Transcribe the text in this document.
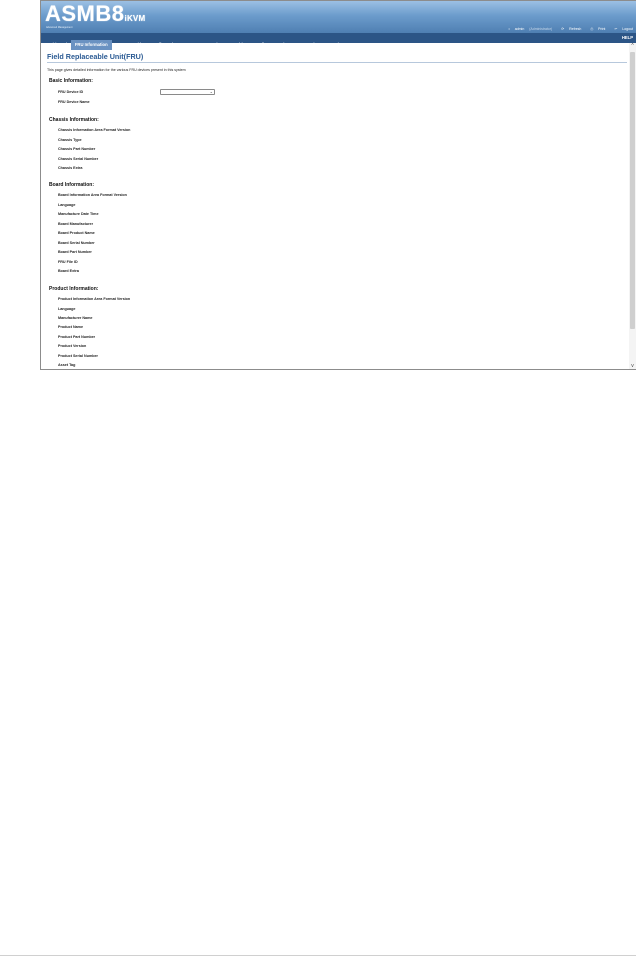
ASMB8iKVM
Advanced Management	• admin (Administrator)	⟳ Refresh	⎙ Print	↩ Logout
Dashboard FRU Information Server Health Configuration Remote Control Auto Video Recording Maintenance Firmware Update
HELP
Field Replaceable Unit(FRU)
This page gives detailed information for the various FRU devices present in this system
Basic Information:
FRU Device ID	⌄
FRU Device Name
Chassis Information:
Chassis Information Area Format Version
Chassis Type
Chassis Part Number
Chassis Serial Number
Chassis Extra
Board Information:
Board Information Area Format Version
Language
Manufacture Date Time
Board Manufacturer
Board Product Name
Board Serial Number
Board Part Number
FRU File ID
Board Extra
Product Information:
Product Information Area Format Version
Language
Manufacturer Name
Product Name
Product Part Number
Product Version
Product Serial Number
Asset Tag
^
v
